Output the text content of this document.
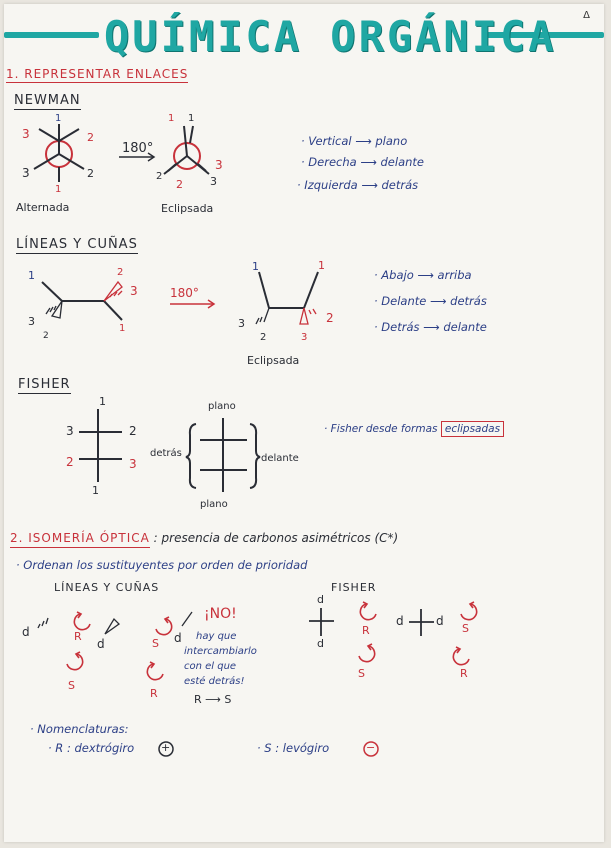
QUÍMICA ORGÁNICA	Δ
1. REPRESENTAR ENLACES
NEWMAN
1
2
3
3	2
1
180°
1 1
2
3
3
2
Alternada	Eclipsada
· Vertical ⟶ plano
· Derecha ⟶ delante
· Izquierda ⟶ detrás
LÍNEAS Y CUÑAS
1	2
3
3
2
1
180°
1	1
3	2
2	3
Eclipsada
· Abajo ⟶ arriba
· Delante ⟶ detrás
· Detrás ⟶ delante
FISHER
1
3	2
2	3
1
plano
plano
detrás	delante
· Fisher desde formas eclipsadas
2. ISOMERÍA ÓPTICA : presencia de carbonos asimétricos (C*)
· Ordenan los sustituyentes por orden de prioridad
LÍNEAS Y CUÑAS	FISHER
d
d	d
d
d
d	d
R
S
S
R
R
S
S
R
¡NO!
hay que
intercambiarlo
con el que
esté detrás!
R ⟶ S
· Nomenclaturas:
· R : dextrógiro +	· S : levógiro	−
